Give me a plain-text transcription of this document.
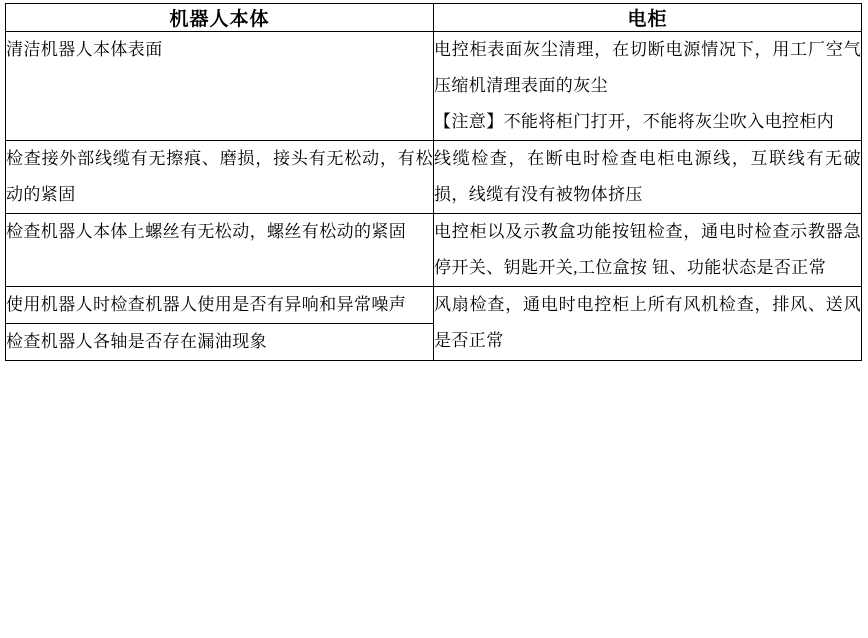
机器人本体	电柜

清洁机器人本体表面	电控柜表面灰尘清理，在切断电源情况下，用工厂空气压缩机清理表面的灰尘

【注意】不能将柜门打开，不能将灰尘吹入电控柜内

检查接外部线缆有无擦痕、磨损，接头有无松动，有松动的紧固	线缆检查，在断电时检查电柜电源线，互联线有无破损，线缆有没有被物体挤压

检查机器人本体上螺丝有无松动，螺丝有松动的紧固	电控柜以及示教盒功能按钮检查，通电时检查示教器急停开关、钥匙开关,工位盒按 钮、功能状态是否正常

使用机器人时检查机器人使用是否有异响和异常噪声	风扇检查，通电时电控柜上所有风机检查，排风、送风是否正常

检查机器人各轴是否存在漏油现象	
